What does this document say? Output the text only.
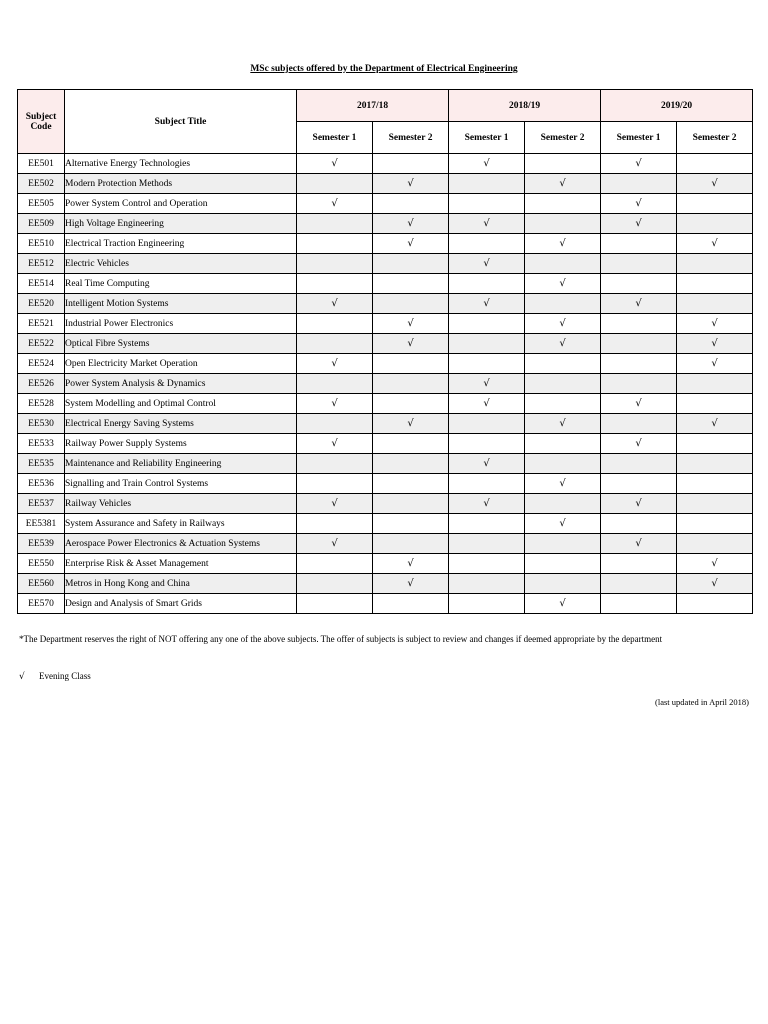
MSc subjects offered by the Department of Electrical Engineering
Subject Code	Subject Title	2017/18		2018/19		2019/20	
		Semester 1	Semester 2	Semester 1	Semester 2	Semester 1	Semester 2
EE501	Alternative Energy Technologies	√		√		√	
EE502	Modern Protection Methods		√		√		√
EE505	Power System Control and Operation	√				√	
EE509	High Voltage Engineering		√	√		√	
EE510	Electrical Traction Engineering		√		√		√
EE512	Electric Vehicles			√			
EE514	Real Time Computing				√		
EE520	Intelligent Motion Systems	√		√		√	
EE521	Industrial Power Electronics		√		√		√
EE522	Optical Fibre Systems		√		√		√
EE524	Open Electricity Market Operation	√					√
EE526	Power System Analysis & Dynamics			√			
EE528	System Modelling and Optimal Control	√		√		√	
EE530	Electrical Energy Saving Systems		√		√		√
EE533	Railway Power Supply Systems	√				√	
EE535	Maintenance and Reliability Engineering			√			
EE536	Signalling and Train Control Systems				√		
EE537	Railway Vehicles	√		√		√	
EE5381	System Assurance and Safety in Railways				√		
EE539	Aerospace Power Electronics & Actuation Systems	√				√	
EE550	Enterprise Risk & Asset Management		√				√
EE560	Metros in Hong Kong and China		√				√
EE570	Design and Analysis of Smart Grids				√		
*The Department reserves the right of NOT offering any one of the above subjects. The offer of subjects is subject to review and changes if deemed appropriate by the department
√ Evening Class
(last updated in April 2018)
